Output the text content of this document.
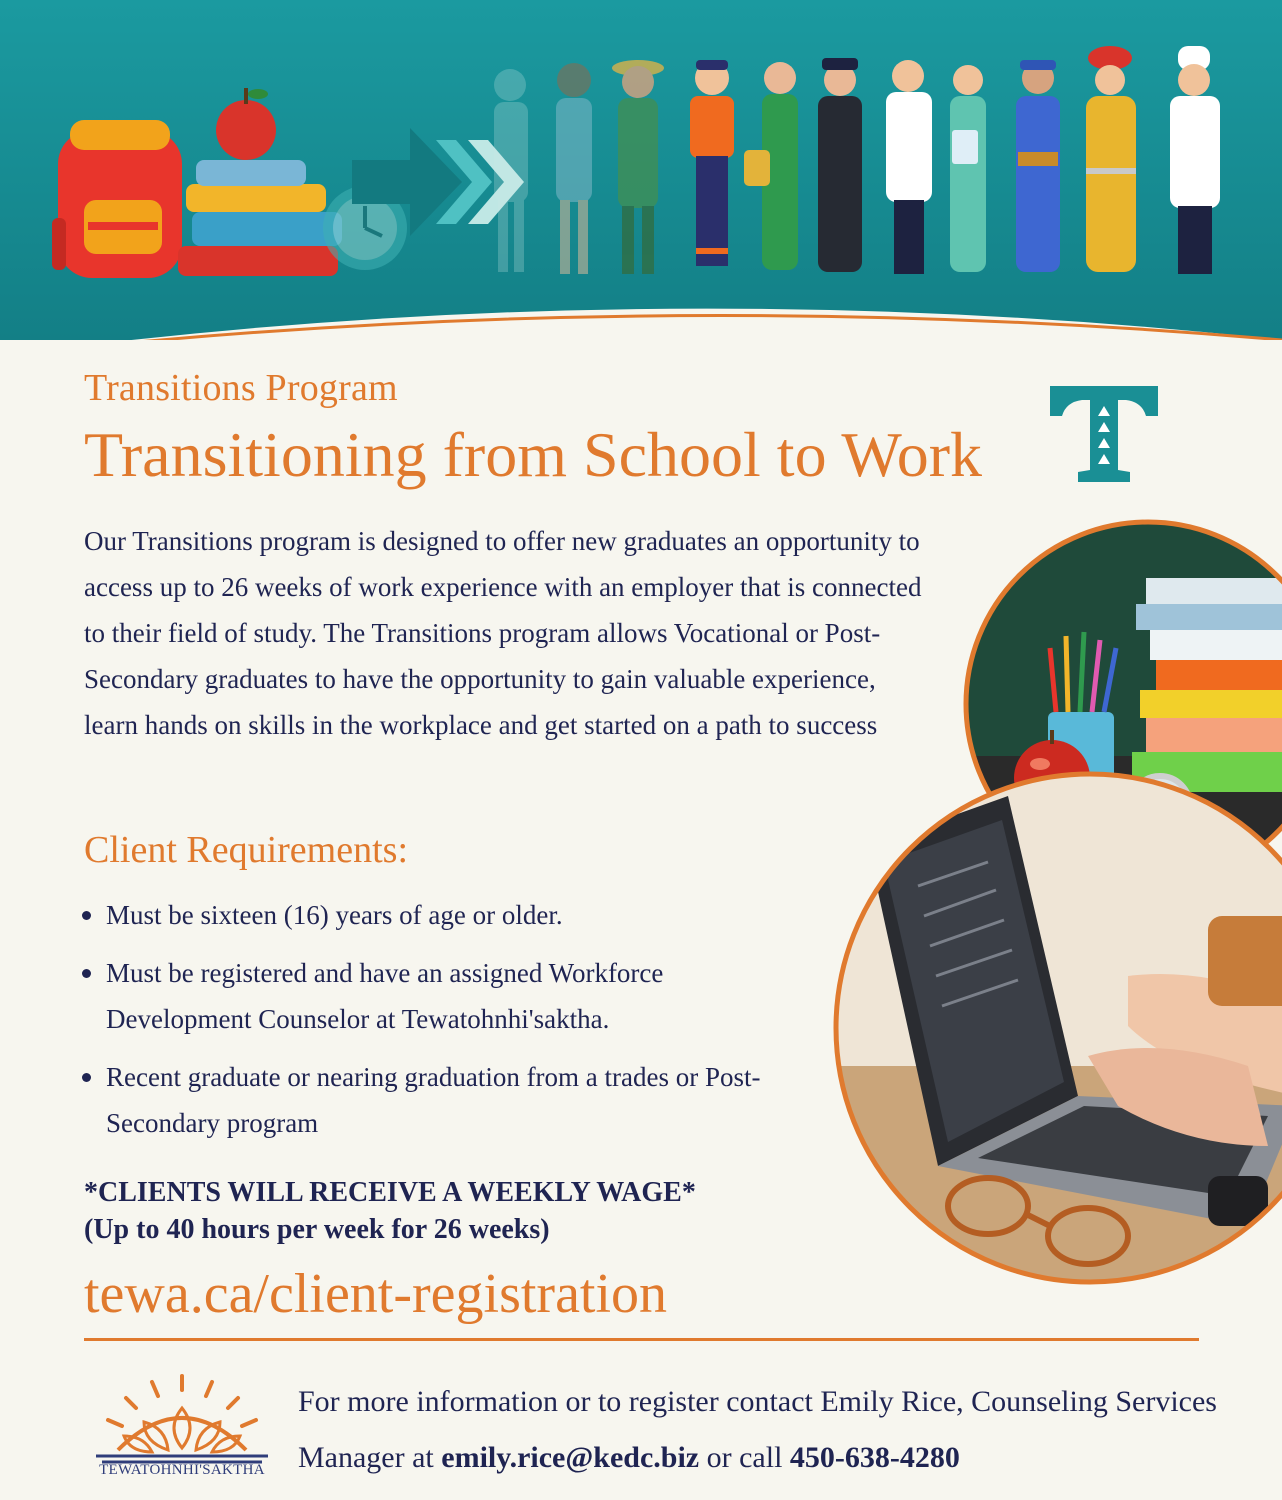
Transitions Program
Transitioning from School to Work
Our Transitions program is designed to offer new graduates an opportunity to access up to 26 weeks of work experience with an employer that is connected to their field of study. The Transitions program allows Vocational or Post-Secondary graduates to have the opportunity to gain valuable experience, learn hands on skills in the workplace and get started on a path to success
Client Requirements:
Must be sixteen (16) years of age or older.
Must be registered and have an assigned Workforce Development Counselor at Tewatohnhi'saktha.
Recent graduate or nearing graduation from a trades or Post-Secondary program
*CLIENTS WILL RECEIVE A WEEKLY WAGE*
(Up to 40 hours per week for 26 weeks)
tewa.ca/client-registration
TEWATOHNHI'SAKTHA
For more information or to register contact Emily Rice, Counseling Services Manager at emily.rice@kedc.biz or call 450-638-4280
